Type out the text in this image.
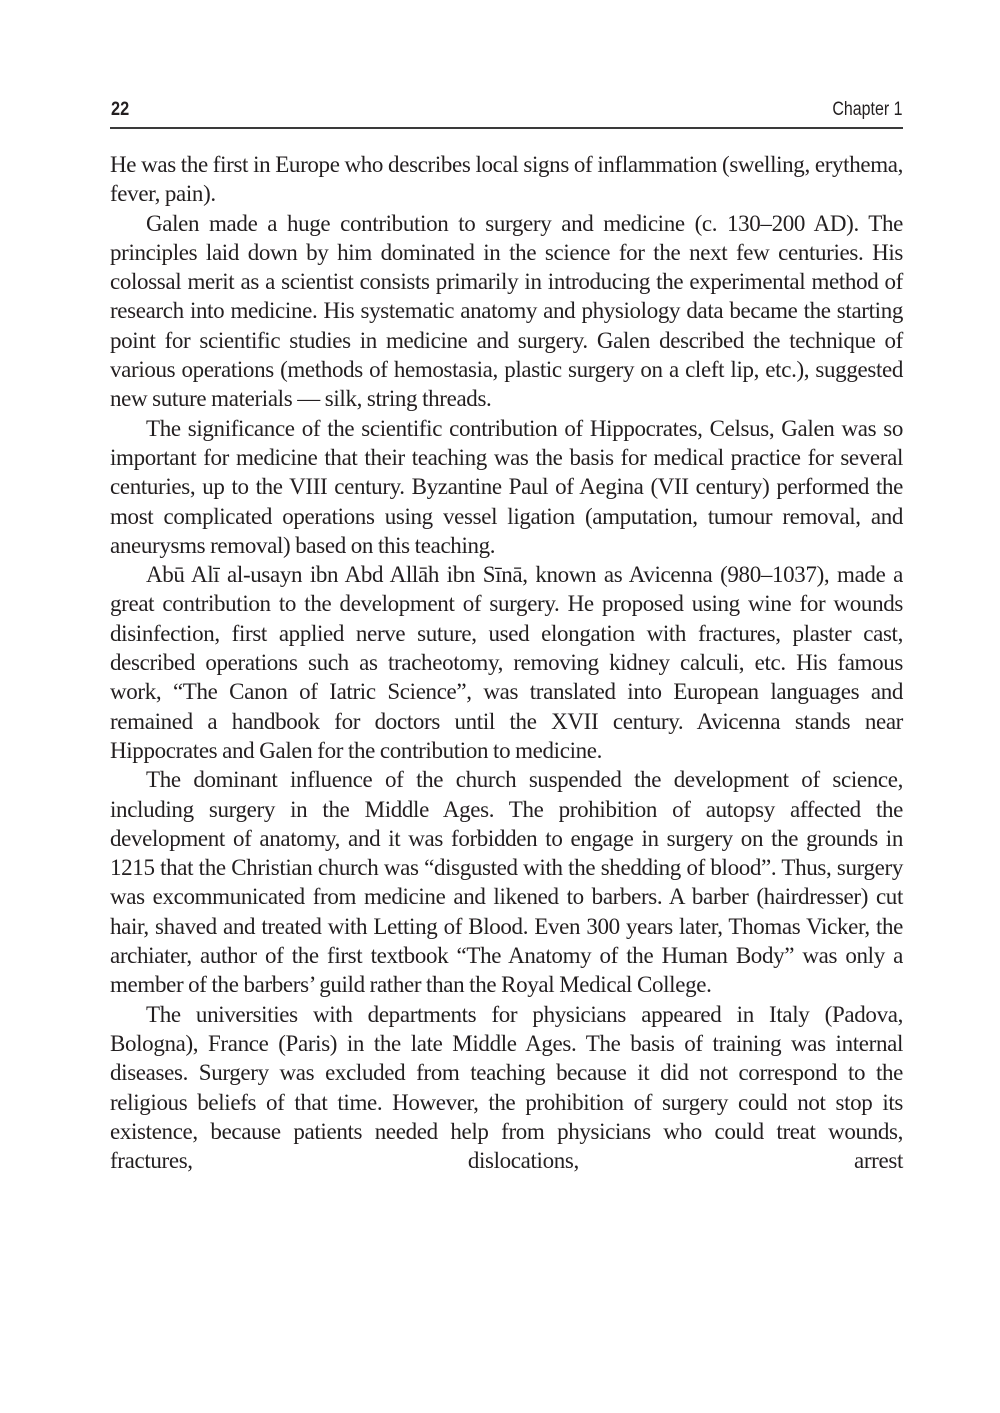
22	Chapter 1

He was the first in Europe who describes local signs of inflammation (swelling, erythema, fever, pain).

Galen made a huge contribution to surgery and medicine (c. 130–200 AD). The principles laid down by him dominated in the science for the next few centuries. His colossal merit as a scientist consists primarily in introducing the experimental method of research into medicine. His systematic anatomy and physiology data became the starting point for scientific studies in medicine and surgery. Galen described the technique of various operations (methods of hemostasia, plastic surgery on a cleft lip, etc.), suggested new suture materials — silk, string threads.

The significance of the scientific contribution of Hippocrates, Celsus, Galen was so important for medicine that their teaching was the basis for medical practice for several centuries, up to the VIII century. Byzantine Paul of Aegina (VII century) performed the most complicated operations using vessel ligation (amputation, tumour removal, and aneurysms removal) based on this teaching.

Abū Alī al-usayn ibn Abd Allāh ibn Sīnā, known as Avicenna (980–1037), made a great contribution to the development of surgery. He proposed using wine for wounds disinfection, first applied nerve suture, used elongation with fractures, plaster cast, described operations such as tracheotomy, removing kidney calculi, etc. His famous work, “The Canon of Iatric Science”, was translated into European languages and remained a handbook for doctors until the XVII century. Avicenna stands near Hippocrates and Galen for the contribution to medicine.

The dominant influence of the church suspended the development of science, including surgery in the Middle Ages. The prohibition of autopsy affected the development of anatomy, and it was forbidden to engage in surgery on the grounds in 1215 that the Christian church was “disgusted with the shedding of blood”. Thus, surgery was excommunicated from medicine and likened to barbers. A barber (hairdresser) cut hair, shaved and treated with Letting of Blood. Even 300 years later, Thomas Vicker, the archiater, author of the first textbook “The Anatomy of the Human Body” was only a member of the barbers’ guild rather than the Royal Medical College.

The universities with departments for physicians appeared in Italy (Padova, Bologna), France (Paris) in the late Middle Ages. The basis of training was internal diseases. Surgery was excluded from teaching because it did not correspond to the religious beliefs of that time. However, the prohibition of surgery could not stop its existence, because patients needed help from physicians who could treat wounds, fractures, dislocations, arrest
